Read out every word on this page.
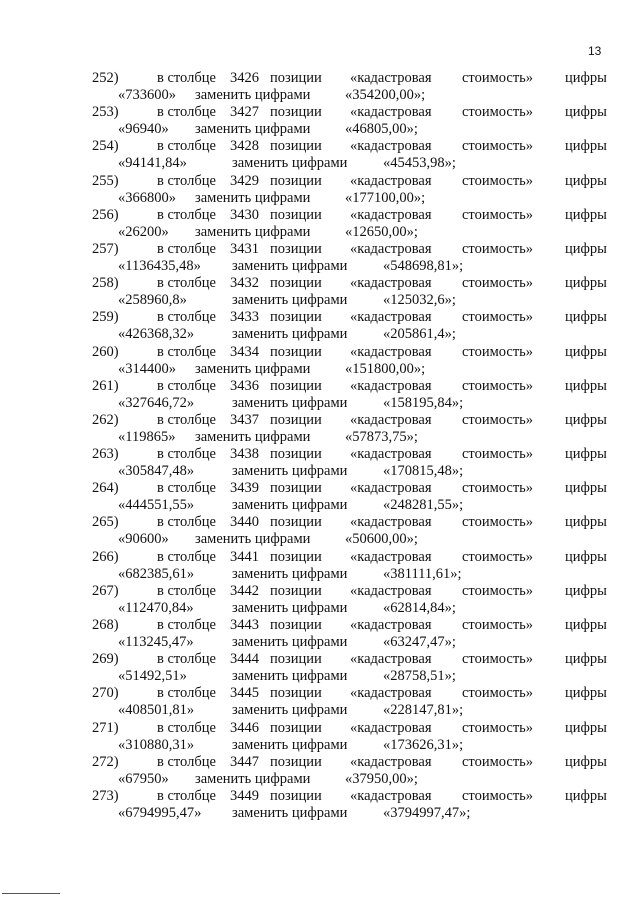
13
252)	в столбце 3426 позиции «кадастровая стоимость» цифры
«733600» заменить цифрами «354200,00»;
253)	в столбце 3427 позиции «кадастровая стоимость» цифры
«96940» заменить цифрами «46805,00»;
254)	в столбце 3428 позиции «кадастровая стоимость» цифры
«94141,84»	заменить цифрами «45453,98»;
255)	в столбце 3429 позиции «кадастровая стоимость» цифры
«366800» заменить цифрами «177100,00»;
256)	в столбце 3430 позиции «кадастровая стоимость» цифры
«26200» заменить цифрами «12650,00»;
257)	в столбце 3431 позиции «кадастровая стоимость» цифры
«1136435,48» заменить цифрами «548698,81»;
258)	в столбце 3432 позиции «кадастровая стоимость» цифры
«258960,8»	заменить цифрами «125032,6»;
259)	в столбце 3433 позиции «кадастровая стоимость» цифры
«426368,32»	заменить цифрами «205861,4»;
260)	в столбце 3434 позиции «кадастровая стоимость» цифры
«314400» заменить цифрами «151800,00»;
261)	в столбце 3436 позиции «кадастровая стоимость» цифры
«327646,72»	заменить цифрами «158195,84»;
262)	в столбце 3437 позиции «кадастровая стоимость» цифры
«119865» заменить цифрами «57873,75»;
263)	в столбце 3438 позиции «кадастровая стоимость» цифры
«305847,48»	заменить цифрами «170815,48»;
264)	в столбце 3439 позиции «кадастровая стоимость» цифры
«444551,55»	заменить цифрами «248281,55»;
265)	в столбце 3440 позиции «кадастровая стоимость» цифры
«90600» заменить цифрами «50600,00»;
266)	в столбце 3441 позиции «кадастровая стоимость» цифры
«682385,61»	заменить цифрами «381111,61»;
267)	в столбце 3442 позиции «кадастровая стоимость» цифры
«112470,84»	заменить цифрами «62814,84»;
268)	в столбце 3443 позиции «кадастровая стоимость» цифры
«113245,47»	заменить цифрами «63247,47»;
269)	в столбце 3444 позиции «кадастровая стоимость» цифры
«51492,51»	заменить цифрами «28758,51»;
270)	в столбце 3445 позиции «кадастровая стоимость» цифры
«408501,81»	заменить цифрами «228147,81»;
271)	в столбце 3446 позиции «кадастровая стоимость» цифры
«310880,31»	заменить цифрами «173626,31»;
272)	в столбце 3447 позиции «кадастровая стоимость» цифры
«67950» заменить цифрами «37950,00»;
273)	в столбце 3449 позиции «кадастровая стоимость» цифры
«6794995,47» заменить цифрами «3794997,47»;
